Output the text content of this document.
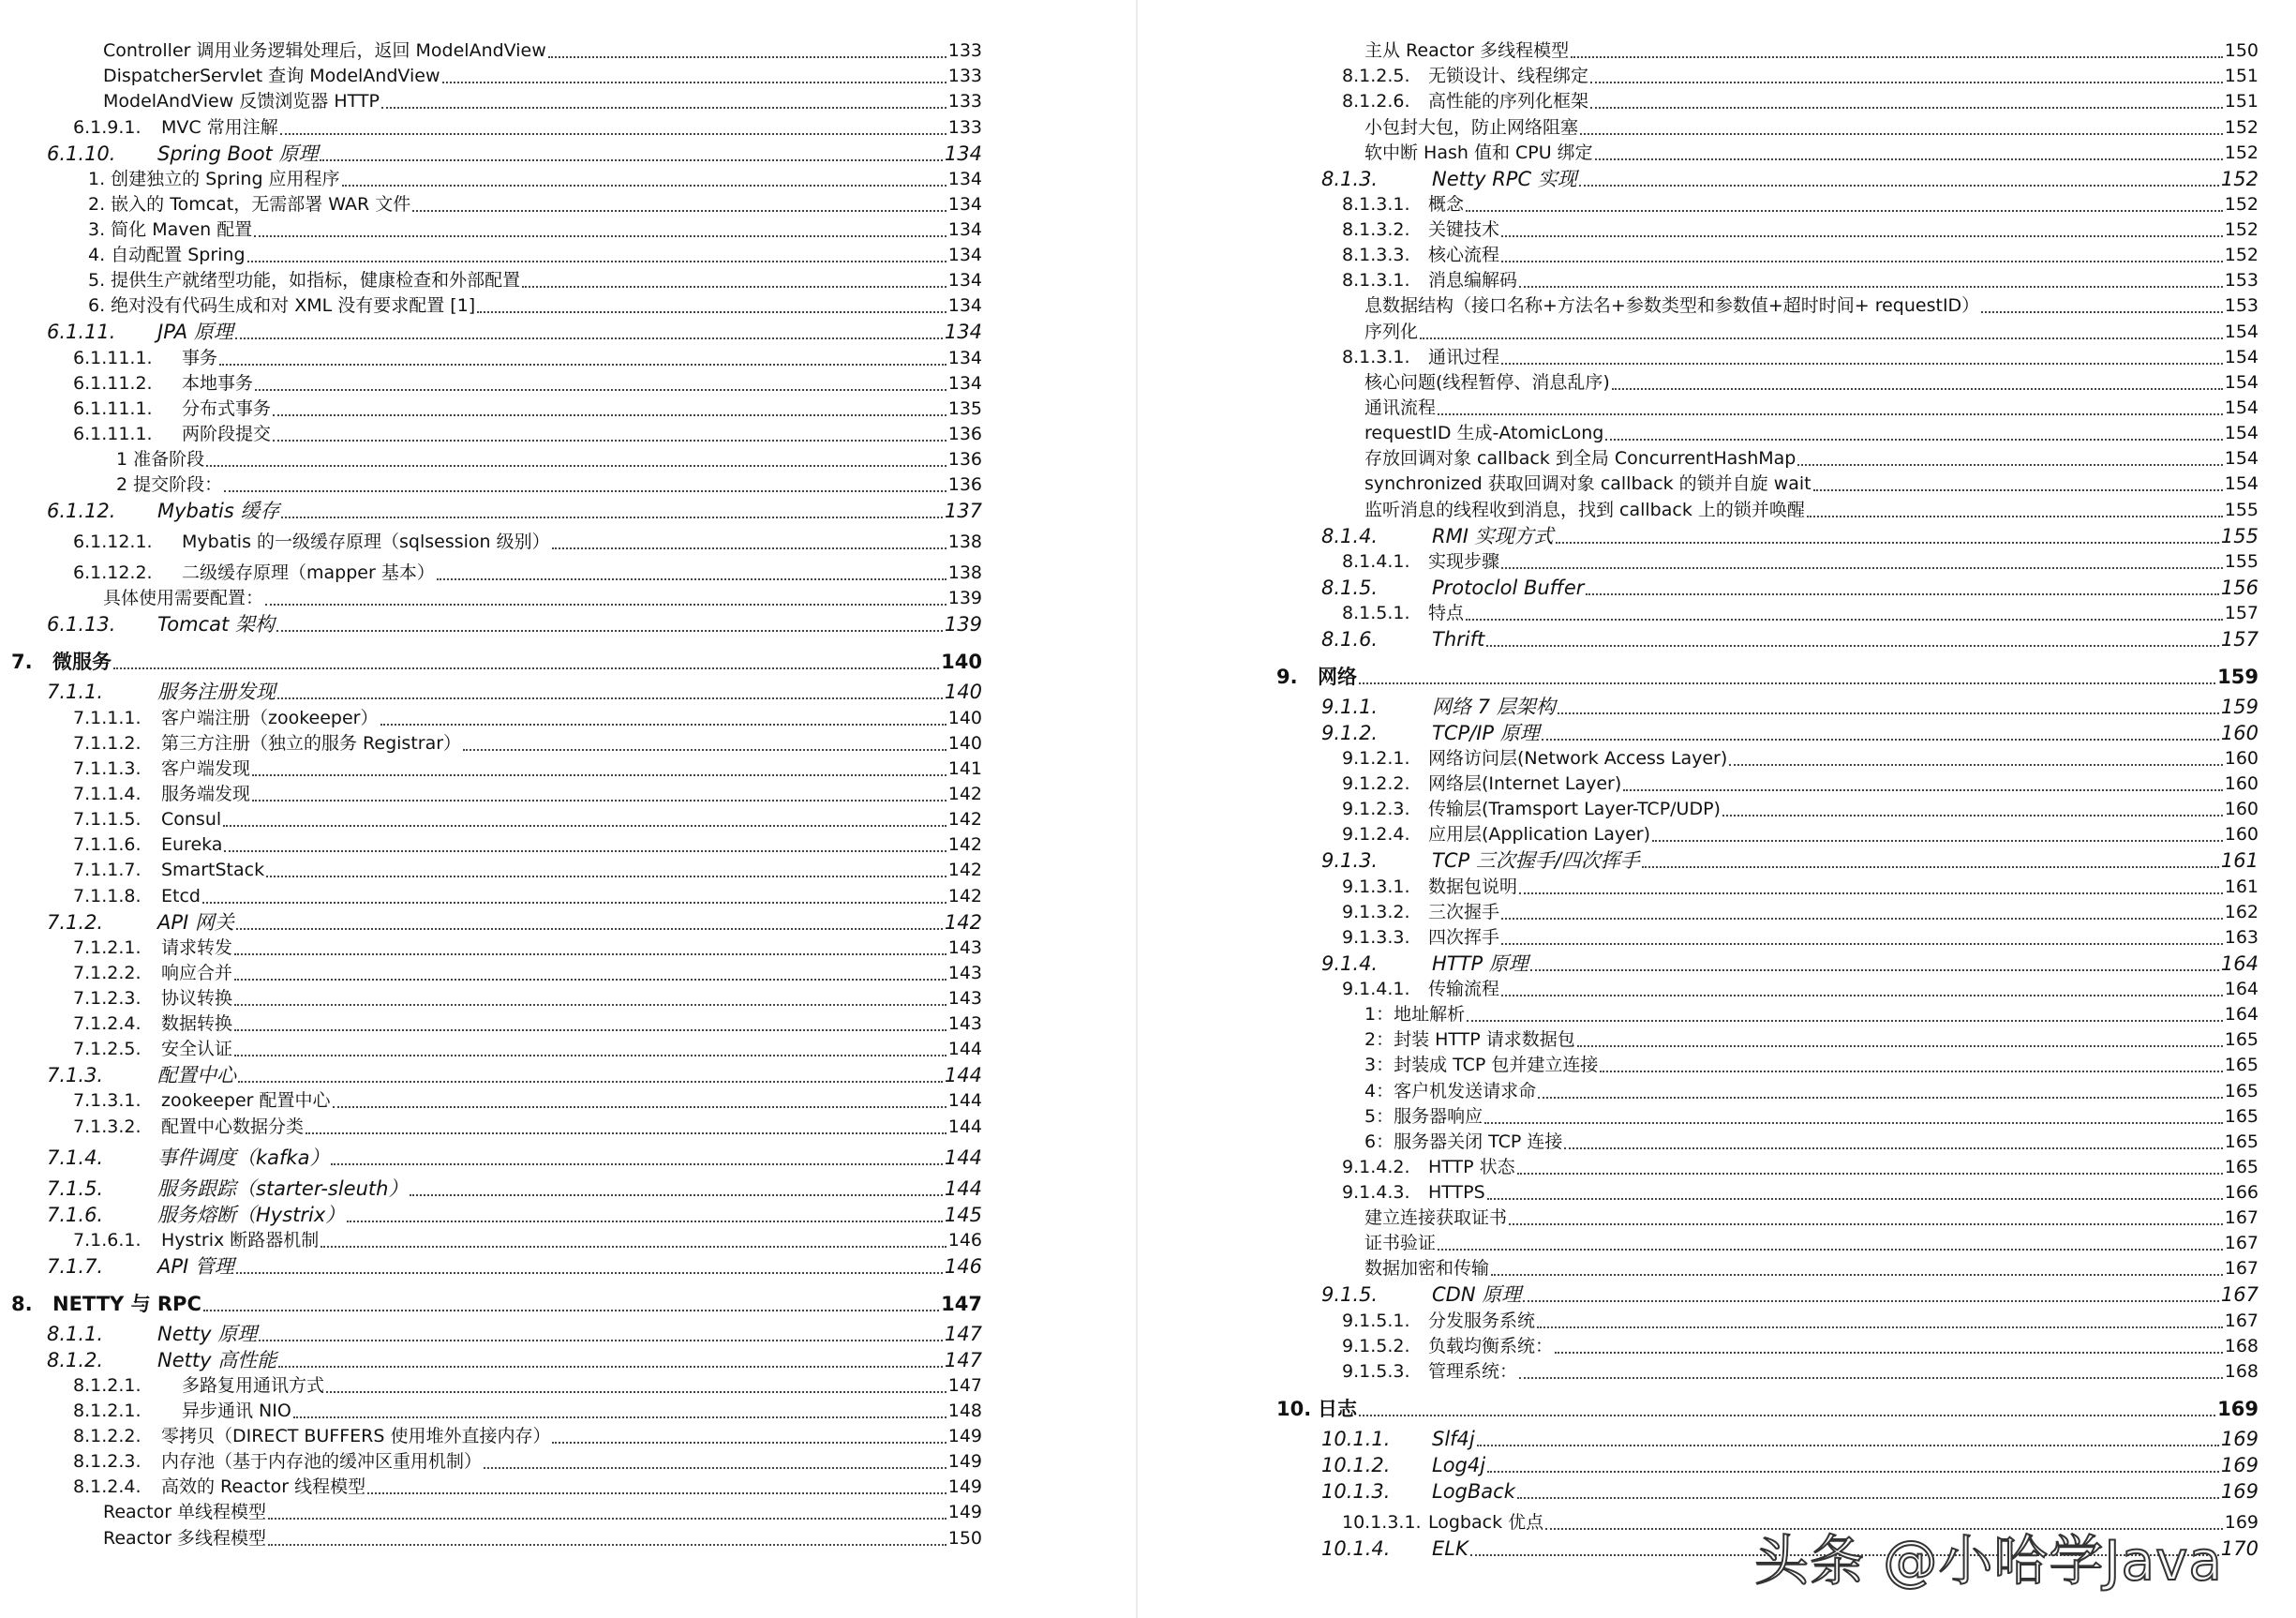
Controller 调用业务逻辑处理后，返回 ModelAndView	133
DispatcherServlet 查询 ModelAndView	133
ModelAndView 反馈浏览器 HTTP	133
6.1.9.1.	MVC 常用注解	133
6.1.10.	Spring Boot 原理	134
1. 创建独立的 Spring 应用程序	134
2. 嵌入的 Tomcat，无需部署 WAR 文件	134
3. 简化 Maven 配置	134
4. 自动配置 Spring	134
5. 提供生产就绪型功能，如指标，健康检查和外部配置	134
6. 绝对没有代码生成和对 XML 没有要求配置 [1]	134
6.1.11.	JPA 原理	134
6.1.11.1.	事务	134
6.1.11.2.	本地事务	134
6.1.11.1.	分布式事务	135
6.1.11.1.	两阶段提交	136
1 准备阶段	136
2 提交阶段：	136
6.1.12.	Mybatis 缓存	137
6.1.12.1.	Mybatis 的一级缓存原理（sqlsession 级别）	138
6.1.12.2.	二级缓存原理（mapper 基本）	138
具体使用需要配置：	139
6.1.13.	Tomcat 架构	139
7.	微服务	140
7.1.1.	服务注册发现	140
7.1.1.1.	客户端注册（zookeeper）	140
7.1.1.2.	第三方注册（独立的服务 Registrar）	140
7.1.1.3.	客户端发现	141
7.1.1.4.	服务端发现	142
7.1.1.5.	Consul	142
7.1.1.6.	Eureka	142
7.1.1.7.	SmartStack	142
7.1.1.8.	Etcd	142
7.1.2.	API 网关	142
7.1.2.1.	请求转发	143
7.1.2.2.	响应合并	143
7.1.2.3.	协议转换	143
7.1.2.4.	数据转换	143
7.1.2.5.	安全认证	144
7.1.3.	配置中心	144
7.1.3.1.	zookeeper 配置中心	144
7.1.3.2.	配置中心数据分类	144
7.1.4.	事件调度（kafka）	144
7.1.5.	服务跟踪（starter-sleuth）	144
7.1.6.	服务熔断（Hystrix）	145
7.1.6.1.	Hystrix 断路器机制	146
7.1.7.	API 管理	146
8.	NETTY 与 RPC	147
8.1.1.	Netty 原理	147
8.1.2.	Netty 高性能	147
8.1.2.1.	多路复用通讯方式	147
8.1.2.1.	异步通讯 NIO	148
8.1.2.2.	零拷贝（DIRECT BUFFERS 使用堆外直接内存）	149
8.1.2.3.	内存池（基于内存池的缓冲区重用机制）	149
8.1.2.4.	高效的 Reactor 线程模型	149
Reactor 单线程模型	149
Reactor 多线程模型	150
主从 Reactor 多线程模型	150
8.1.2.5.	无锁设计、线程绑定	151
8.1.2.6.	高性能的序列化框架	151
小包封大包，防止网络阻塞	152
软中断 Hash 值和 CPU 绑定	152
8.1.3.	Netty RPC 实现	152
8.1.3.1.	概念	152
8.1.3.2.	关键技术	152
8.1.3.3.	核心流程	152
8.1.3.1.	消息编解码	153
息数据结构（接口名称+方法名+参数类型和参数值+超时时间+ requestID）	153
序列化	154
8.1.3.1.	通讯过程	154
核心问题(线程暂停、消息乱序)	154
通讯流程	154
requestID 生成-AtomicLong	154
存放回调对象 callback 到全局 ConcurrentHashMap	154
synchronized 获取回调对象 callback 的锁并自旋 wait	154
监听消息的线程收到消息，找到 callback 上的锁并唤醒	155
8.1.4.	RMI 实现方式	155
8.1.4.1.	实现步骤	155
8.1.5.	Protoclol Buffer	156
8.1.5.1.	特点	157
8.1.6.	Thrift	157
9.	网络	159
9.1.1.	网络 7 层架构	159
9.1.2.	TCP/IP 原理	160
9.1.2.1.	网络访问层(Network Access Layer)	160
9.1.2.2.	网络层(Internet Layer)	160
9.1.2.3.	传输层(Tramsport Layer-TCP/UDP)	160
9.1.2.4.	应用层(Application Layer)	160
9.1.3.	TCP 三次握手/四次挥手	161
9.1.3.1.	数据包说明	161
9.1.3.2.	三次握手	162
9.1.3.3.	四次挥手	163
9.1.4.	HTTP 原理	164
9.1.4.1.	传输流程	164
1：地址解析	164
2：封装 HTTP 请求数据包	165
3：封装成 TCP 包并建立连接	165
4：客户机发送请求命	165
5：服务器响应	165
6：服务器关闭 TCP 连接	165
9.1.4.2.	HTTP 状态	165
9.1.4.3.	HTTPS	166
建立连接获取证书	167
证书验证	167
数据加密和传输	167
9.1.5.	CDN 原理	167
9.1.5.1.	分发服务系统	167
9.1.5.2.	负载均衡系统：	168
9.1.5.3.	管理系统：	168
10. 日志	169
10.1.1.	Slf4j	169
10.1.2.	Log4j	169
10.1.3.	LogBack	169
10.1.3.1. Logback 优点	169
10.1.4.	ELK	170
头条 @小哈学Java
